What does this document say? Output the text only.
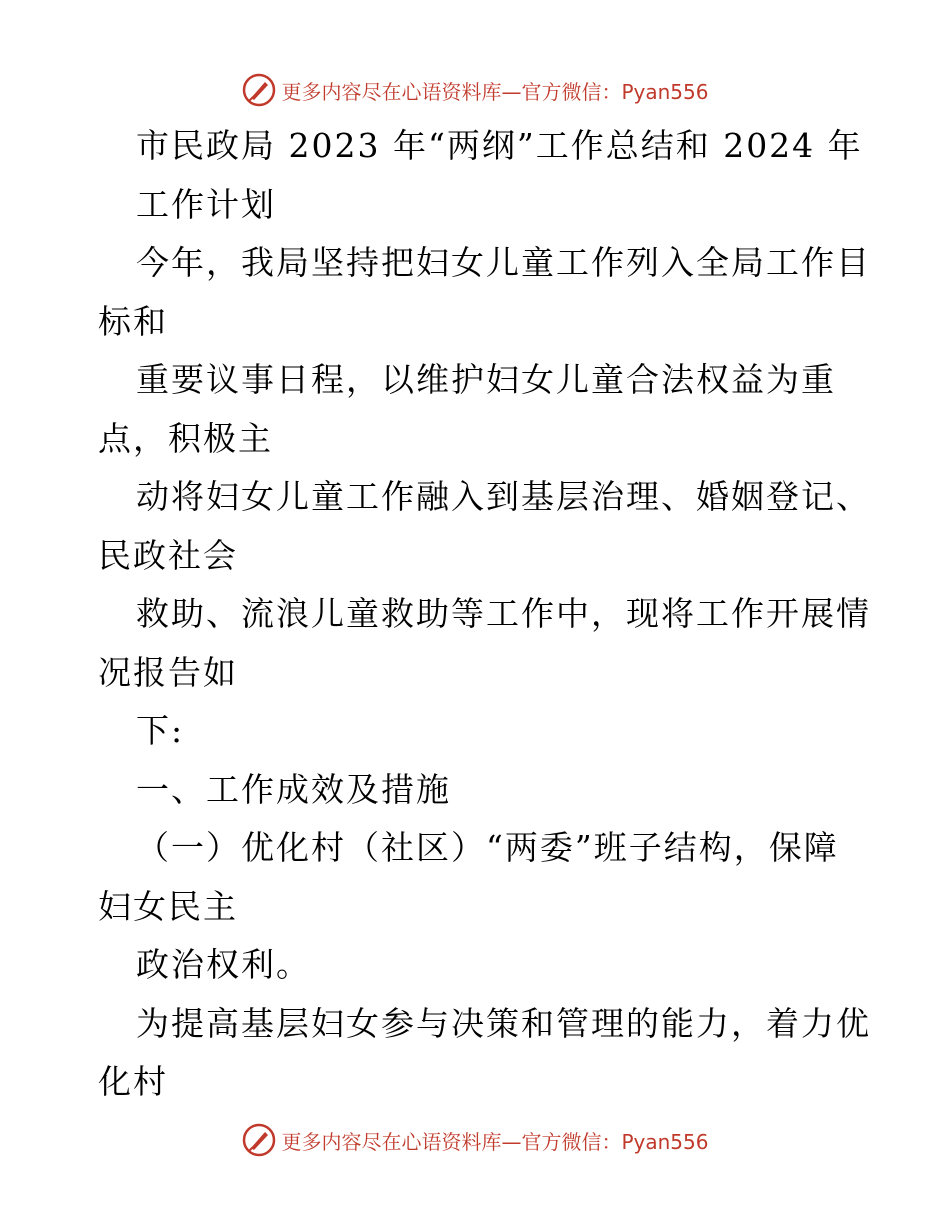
更多内容尽在心语资料库—官方微信：Pyan556
市民政局 2023 年“两纲”工作总结和 2024 年
工作计划
今年，我局坚持把妇女儿童工作列入全局工作目
标和
重要议事日程，以维护妇女儿童合法权益为重
点，积极主
动将妇女儿童工作融入到基层治理、婚姻登记、
民政社会
救助、流浪儿童救助等工作中，现将工作开展情
况报告如
下:
一、工作成效及措施
（一）优化村（社区）“两委”班子结构，保障
妇女民主
政治权利。
为提高基层妇女参与决策和管理的能力，着力优
化村
更多内容尽在心语资料库—官方微信：Pyan556
